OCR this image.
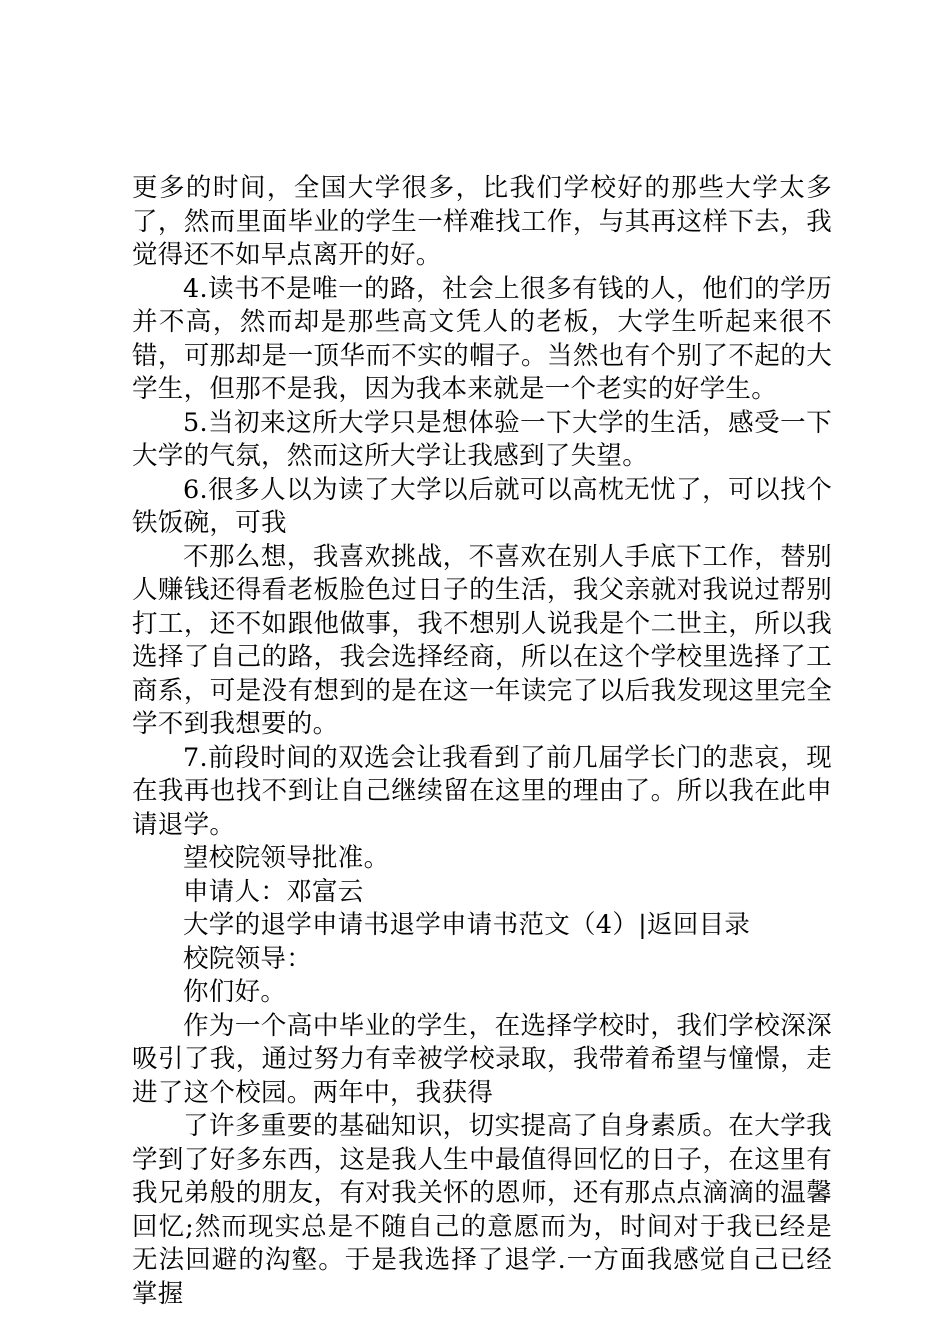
更多的时间，全国大学很多，比我们学校好的那些大学太多了，然而里面毕业的学生一样难找工作，与其再这样下去，我觉得还不如早点离开的好。

4.读书不是唯一的路，社会上很多有钱的人，他们的学历并不高，然而却是那些高文凭人的老板，大学生听起来很不错，可那却是一顶华而不实的帽子。当然也有个别了不起的大学生，但那不是我，因为我本来就是一个老实的好学生。

5.当初来这所大学只是想体验一下大学的生活，感受一下大学的气氛，然而这所大学让我感到了失望。

6.很多人以为读了大学以后就可以高枕无忧了，可以找个铁饭碗，可我

不那么想，我喜欢挑战，不喜欢在别人手底下工作，替别人赚钱还得看老板脸色过日子的生活，我父亲就对我说过帮别打工，还不如跟他做事，我不想别人说我是个二世主，所以我选择了自己的路，我会选择经商，所以在这个学校里选择了工商系，可是没有想到的是在这一年读完了以后我发现这里完全学不到我想要的。

7.前段时间的双选会让我看到了前几届学长门的悲哀，现在我再也找不到让自己继续留在这里的理由了。所以我在此申请退学。

望校院领导批准。

申请人：邓富云

大学的退学申请书退学申请书范文（4）|返回目录

校院领导：

你们好。

作为一个高中毕业的学生，在选择学校时，我们学校深深吸引了我，通过努力有幸被学校录取，我带着希望与憧憬，走进了这个校园。两年中，我获得

了许多重要的基础知识，切实提高了自身素质。在大学我学到了好多东西，这是我人生中最值得回忆的日子，在这里有我兄弟般的朋友，有对我关怀的恩师，还有那点点滴滴的温馨回忆;然而现实总是不随自己的意愿而为，时间对于我已经是无法回避的沟壑。于是我选择了退学.一方面我感觉自己已经掌握
